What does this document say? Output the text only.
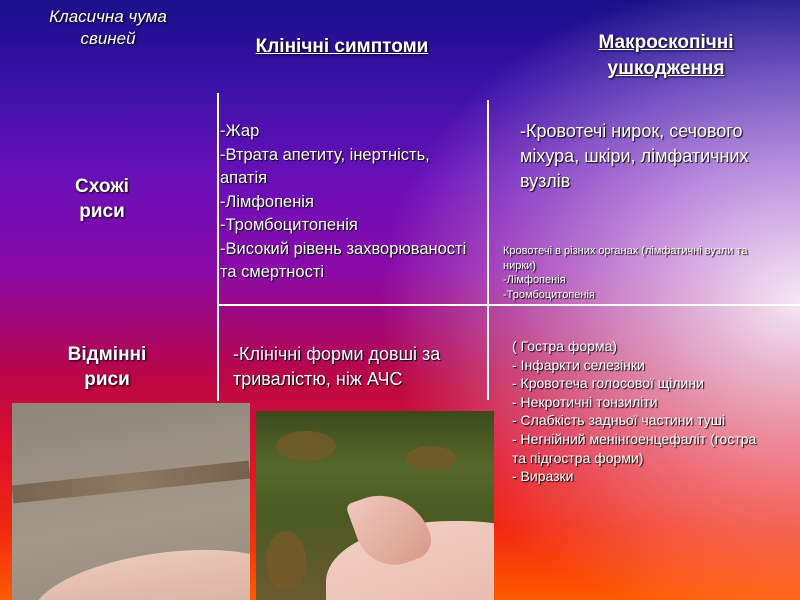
Класична чума свиней	Клінічні симптоми	Макроскопічні
ушкодження
Схожі
риси
Відмінні
риси
-Жар
-Втрата апетиту, інертність, апатія
-Лімфопенія
-Тромбоцитопенія
-Високий рівень захворюваності та смертності
-Кровотечі нирок, сечового міхура, шкіри, лімфатичних вузлів
Кровотечі в різних органах (лімфатичні вузли та нирки)
-Лімфопенія
-Тромбоцитопенія
-Клінічні форми довші за тривалістю, ніж АЧС
( Гостра форма)
- Інфаркти селезінки
- Кровотеча голосової щілини
- Некротичні тонзиліти
- Слабкість задньої частини туші
- Негнійний менінгоенцефаліт (гостра та підгостра форми)
- Виразки
